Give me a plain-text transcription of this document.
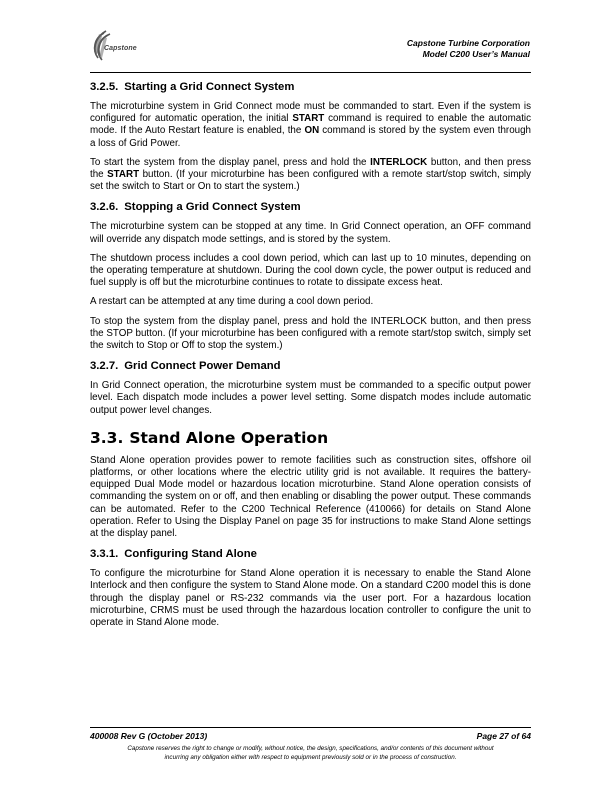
Capstone
Capstone Turbine Corporation
Model C200 User’s Manual
3.2.5. Starting a Grid Connect System

The microturbine system in Grid Connect mode must be commanded to start. Even if the system is configured for automatic operation, the initial START command is required to enable the automatic mode. If the Auto Restart feature is enabled, the ON command is stored by the system even through a loss of Grid Power.

To start the system from the display panel, press and hold the INTERLOCK button, and then press the START button. (If your microturbine has been configured with a remote start/stop switch, simply set the switch to Start or On to start the system.)

3.2.6. Stopping a Grid Connect System

The microturbine system can be stopped at any time. In Grid Connect operation, an OFF command will override any dispatch mode settings, and is stored by the system.

The shutdown process includes a cool down period, which can last up to 10 minutes, depending on the operating temperature at shutdown. During the cool down cycle, the power output is reduced and fuel supply is off but the microturbine continues to rotate to dissipate excess heat.

A restart can be attempted at any time during a cool down period.

To stop the system from the display panel, press and hold the INTERLOCK button, and then press the STOP button. (If your microturbine has been configured with a remote start/stop switch, simply set the switch to Stop or Off to stop the system.)

3.2.7. Grid Connect Power Demand

In Grid Connect operation, the microturbine system must be commanded to a specific output power level. Each dispatch mode includes a power level setting. Some dispatch modes include automatic output power level changes.

3.3. Stand Alone Operation

Stand Alone operation provides power to remote facilities such as construction sites, offshore oil platforms, or other locations where the electric utility grid is not available. It requires the battery-equipped Dual Mode model or hazardous location microturbine. Stand Alone operation consists of commanding the system on or off, and then enabling or disabling the power output. These commands can be automated. Refer to the C200 Technical Reference (410066) for details on Stand Alone operation. Refer to Using the Display Panel on page 35 for instructions to make Stand Alone settings at the display panel.

3.3.1. Configuring Stand Alone

To configure the microturbine for Stand Alone operation it is necessary to enable the Stand Alone Interlock and then configure the system to Stand Alone mode. On a standard C200 model this is done through the display panel or RS-232 commands via the user port. For a hazardous location microturbine, CRMS must be used through the hazardous location controller to configure the unit to operate in Stand Alone mode.

400008 Rev G (October 2013)	Page 27 of 64
Capstone reserves the right to change or modify, without notice, the design, specifications, and/or contents of this document without
incurring any obligation either with respect to equipment previously sold or in the process of construction.
